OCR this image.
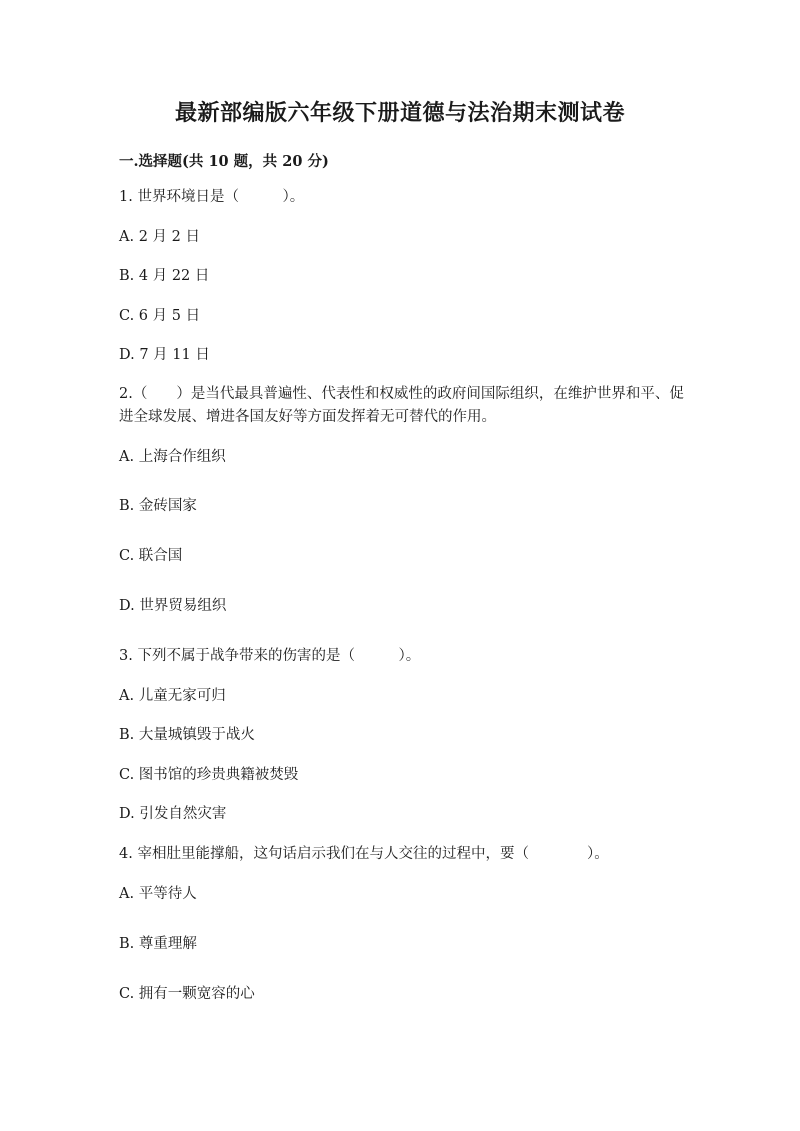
最新部编版六年级下册道德与法治期末测试卷
一.选择题(共 10 题，共 20 分)
1. 世界环境日是（　　　）。
A. 2 月 2 日
B. 4 月 22 日
C. 6 月 5 日
D. 7 月 11 日
2.（　　）是当代最具普遍性、代表性和权威性的政府间国际组织，在维护世界和平、促进全球发展、增进各国友好等方面发挥着无可替代的作用。
A. 上海合作组织
B. 金砖国家
C. 联合国
D. 世界贸易组织
3. 下列不属于战争带来的伤害的是（　　　）。
A. 儿童无家可归
B. 大量城镇毁于战火
C. 图书馆的珍贵典籍被焚毁
D. 引发自然灾害
4. 宰相肚里能撑船，这句话启示我们在与人交往的过程中，要（　　　　）。
A. 平等待人
B. 尊重理解
C. 拥有一颗宽容的心
